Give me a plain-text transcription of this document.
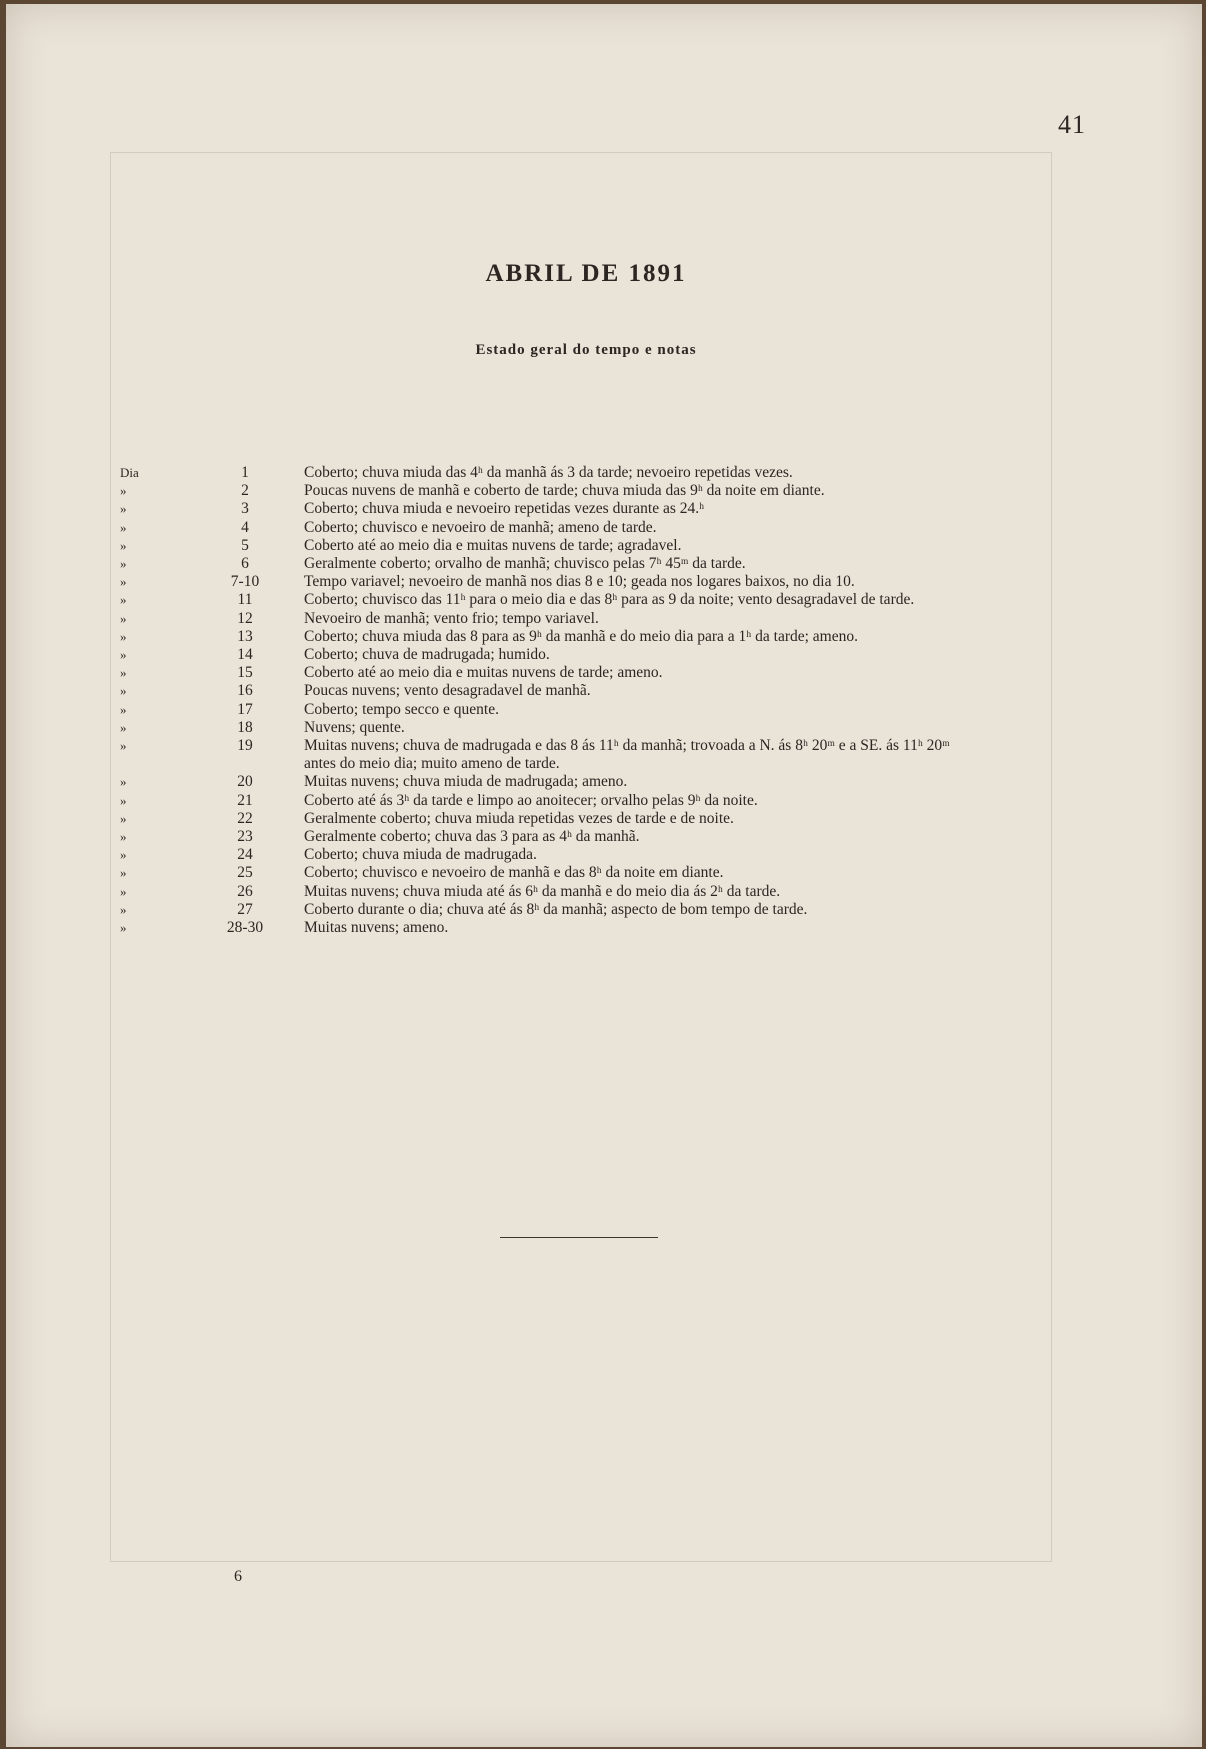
41
ABRIL DE 1891
Estado geral do tempo e notas
Dia	1	Coberto; chuva miuda das 4ʰ da manhã ás 3 da tarde; nevoeiro repetidas vezes.
»	2	Poucas nuvens de manhã e coberto de tarde; chuva miuda das 9ʰ da noite em diante.
»	3	Coberto; chuva miuda e nevoeiro repetidas vezes durante as 24.ʰ
»	4	Coberto; chuvisco e nevoeiro de manhã; ameno de tarde.
»	5	Coberto até ao meio dia e muitas nuvens de tarde; agradavel.
»	6	Geralmente coberto; orvalho de manhã; chuvisco pelas 7ʰ 45ᵐ da tarde.
»	7-10	Tempo variavel; nevoeiro de manhã nos dias 8 e 10; geada nos logares baixos, no dia 10.
»	11	Coberto; chuvisco das 11ʰ para o meio dia e das 8ʰ para as 9 da noite; vento desagradavel de tarde.
»	12	Nevoeiro de manhã; vento frio; tempo variavel.
»	13	Coberto; chuva miuda das 8 para as 9ʰ da manhã e do meio dia para a 1ʰ da tarde; ameno.
»	14	Coberto; chuva de madrugada; humido.
»	15	Coberto até ao meio dia e muitas nuvens de tarde; ameno.
»	16	Poucas nuvens; vento desagradavel de manhã.
»	17	Coberto; tempo secco e quente.
»	18	Nuvens; quente.
»	19	Muitas nuvens; chuva de madrugada e das 8 ás 11ʰ da manhã; trovoada a N. ás 8ʰ 20ᵐ e a SE. ás 11ʰ 20ᵐ
antes do meio dia; muito ameno de tarde.
»	20	Muitas nuvens; chuva miuda de madrugada; ameno.
»	21	Coberto até ás 3ʰ da tarde e limpo ao anoitecer; orvalho pelas 9ʰ da noite.
»	22	Geralmente coberto; chuva miuda repetidas vezes de tarde e de noite.
»	23	Geralmente coberto; chuva das 3 para as 4ʰ da manhã.
»	24	Coberto; chuva miuda de madrugada.
»	25	Coberto; chuvisco e nevoeiro de manhã e das 8ʰ da noite em diante.
»	26	Muitas nuvens; chuva miuda até ás 6ʰ da manhã e do meio dia ás 2ʰ da tarde.
»	27	Coberto durante o dia; chuva até ás 8ʰ da manhã; aspecto de bom tempo de tarde.
»	28-30	Muitas nuvens; ameno.
6
